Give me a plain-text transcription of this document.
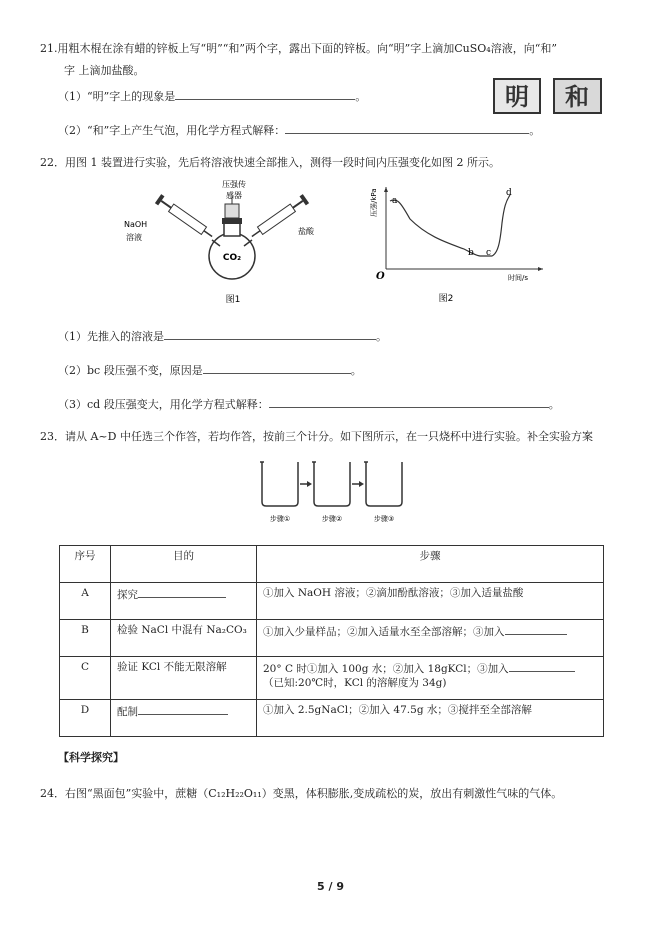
21.用粗木棍在涂有蜡的锌板上写“明”“和”两个字，露出下面的锌板。向“明”字上滴加CuSO₄溶液，向“和”
字 上滴加盐酸。
（1）“明”字上的现象是	。	明 和
（2）“和”字上产生气泡，用化学方程式解释：	。
22．用图 1 装置进行实验，先后将溶液快速全部推入，测得一段时间内压强变化如图 2 所示。
CO₂
压强传
感器
NaOH
溶液
盐酸
图1
压强/kPa
时间/s
O
a
b c
d
图2
（1）先推入的溶液是	。
（2）bc 段压强不变，原因是	。
（3）cd 段压强变大，用化学方程式解释：	。
23．请从 A~D 中任选三个作答，若均作答，按前三个计分。如下图所示，在一只烧杯中进行实验。补全实验方案
步骤①	步骤②	步骤③
序号	目的	步骤
A	探究	①加入 NaOH 溶液；②滴加酚酞溶液；③加入适量盐酸
B	检验 NaCl 中混有 Na₂CO₃	①加入少量样品；②加入适量水至全部溶解；③加入
C	验证 KCl 不能无限溶解	20° C 时①加入 100g 水；②加入 18gKCl；③加入
（已知:20℃时，KCl 的溶解度为 34g)
D	配制	①加入 2.5gNaCl；②加入 47.5g 水；③搅拌至全部溶解
【科学探究】
24．右图“黑面包”实验中，蔗糖（C₁₂H₂₂O₁₁）变黑，体积膨胀,变成疏松的炭，放出有刺激性气味的气体。
5 / 9
